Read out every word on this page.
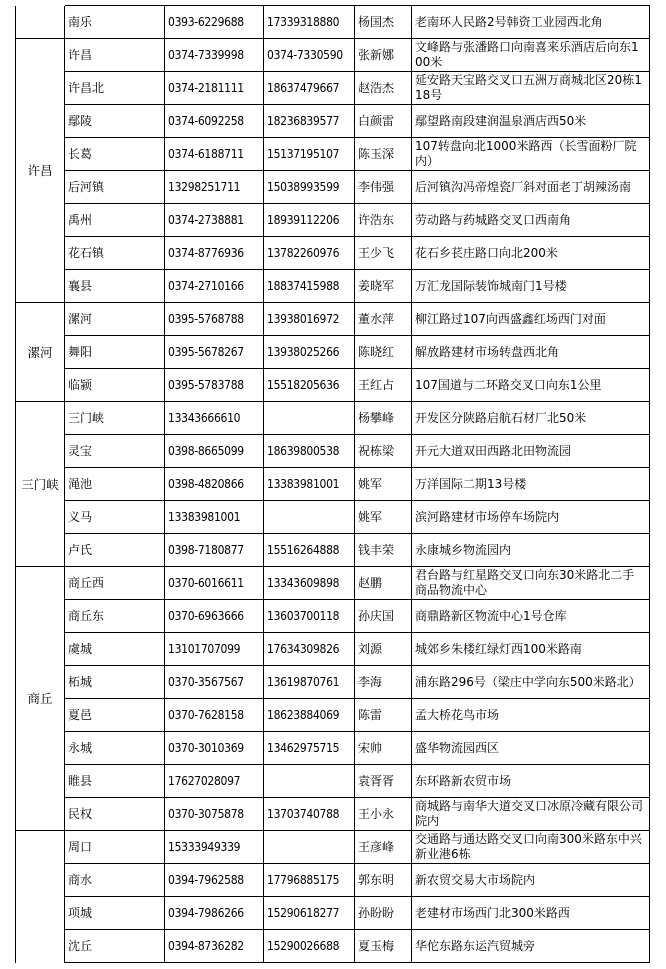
	南乐	0393-6229688	17339318880	杨国杰	老南环人民路2号韩资工业园西北角
许昌	许昌	0374-7339998	0374-7330590	张新娜	文峰路与张潘路口向南喜来乐酒店后向东100米
	许昌北	0374-2181111	18637479667	赵浩杰	延安路天宝路交叉口五洲万商城北区20栋118号
	鄢陵	0374-6092258	18236839577	白颜雷	鄢望路南段建润温泉酒店西50米
	长葛	0374-6188711	15137195107	陈玉深	107转盘向北1000米路西（长雪面粉厂院内）
	后河镇	13298251711	15038993599	李伟强	后河镇沟冯帝煌瓷厂斜对面老丁胡辣汤南
	禹州	0374-2738881	18939112206	许浩东	劳动路与药城路交叉口西南角
	花石镇	0374-8776936	13782260976	王少飞	花石乡苌庄路口向北200米
	襄县	0374-2710166	18837415988	姜晓军	万汇龙国际装饰城南门1号楼
漯河	漯河	0395-5768788	13938016972	董水萍	柳江路过107向西盛鑫红场西门对面
	舞阳	0395-5678267	13938025266	陈晓红	解放路建材市场转盘西北角
	临颍	0395-5783788	15518205636	王红占	107国道与二环路交叉口向东1公里
三门峡	三门峡	13343666610		杨攀峰	开发区分陕路启航石材厂北50米
	灵宝	0398-8665099	18639800538	祝栋梁	开元大道双田西路北田物流园
	渑池	0398-4820866	13383981001	姚军	万洋国际二期13号楼
	义马	13383981001		姚军	滨河路建材市场停车场院内
	卢氏	0398-7180877	15516264888	钱丰荣	永康城乡物流园内
商丘	商丘西	0370-6016611	13343609898	赵鹏	君台路与红星路交叉口向东30米路北二手商品物流中心
	商丘东	0370-6963666	13603700118	孙庆国	商鼎路新区物流中心1号仓库
	虞城	13101707099	17634309826	刘源	城郊乡朱楼红绿灯西100米路南
	柘城	0370-3567567	13619870761	李海	浦东路296号（梁庄中学向东500米路北）
	夏邑	0370-7628158	18623884069	陈雷	孟大桥花鸟市场
	永城	0370-3010369	13462975715	宋帅	盛华物流园西区
	睢县	17627028097		袁胥胥	东环路新农贸市场
	民权	0370-3075878	13703740788	王小永	商城路与南华大道交叉口冰原冷藏有限公司院内
	周口	15333949339		王彦峰	交通路与通达路交叉口向南300米路东中兴新业港6栋
	商水	0394-7962588	17796885175	郭东明	新农贸交易大市场院内
	项城	0394-7986266	15290618277	孙盼盼	老建材市场西门北300米路西
	沈丘	0394-8736282	15290026688	夏玉梅	华佗东路东运汽贸城旁
